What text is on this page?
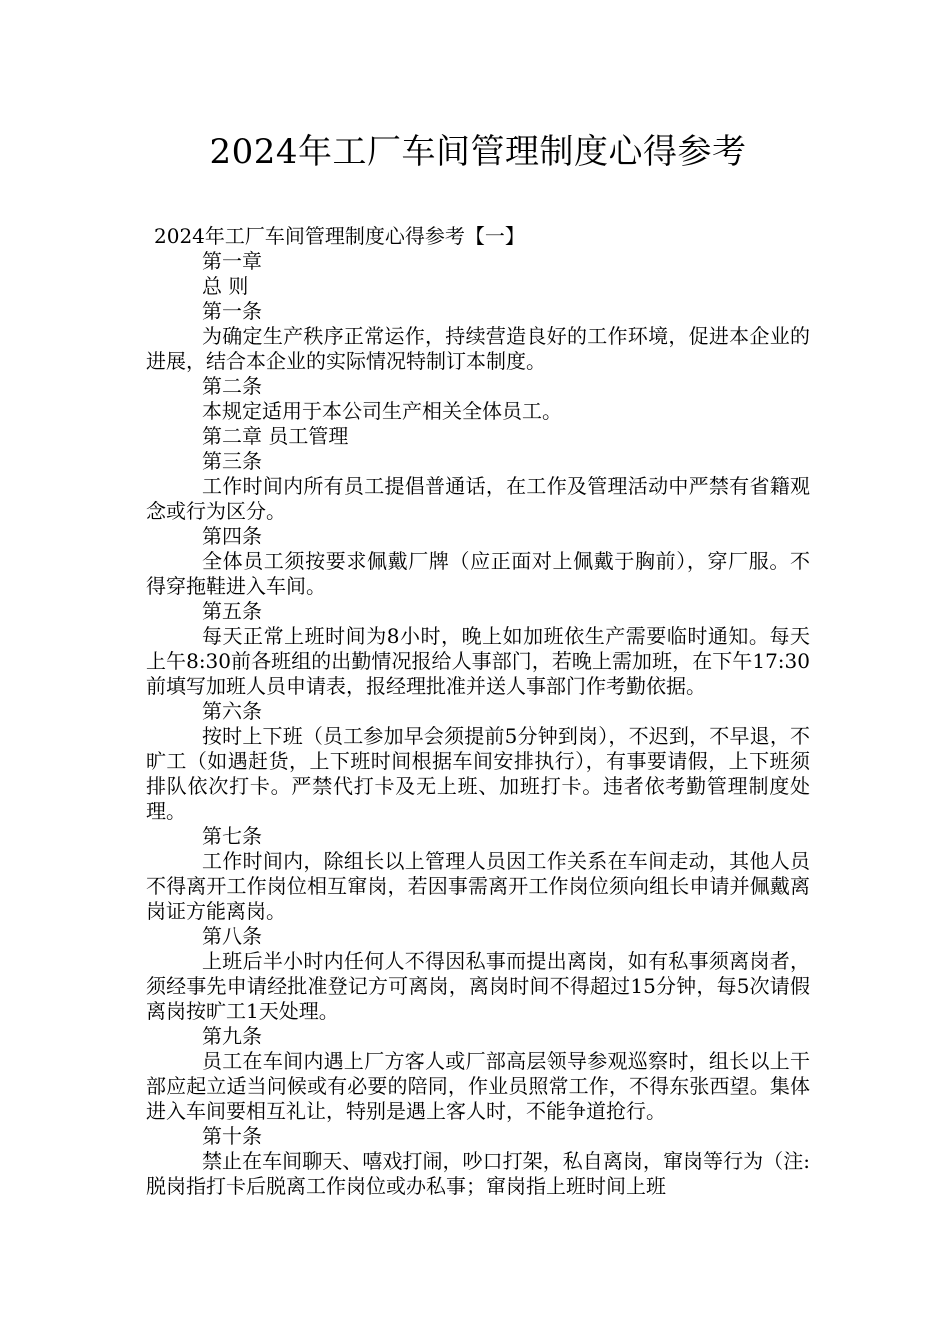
2024年工厂车间管理制度心得参考
2024年工厂车间管理制度心得参考【一】
第一章
总 则
第一条
为确定生产秩序正常运作，持续营造良好的工作环境，促进本企业的进展，结合本企业的实际情况特制订本制度。
第二条
本规定适用于本公司生产相关全体员工。
第二章 员工管理
第三条
工作时间内所有员工提倡普通话，在工作及管理活动中严禁有省籍观念或行为区分。
第四条
全体员工须按要求佩戴厂牌（应正面对上佩戴于胸前），穿厂服。不得穿拖鞋进入车间。
第五条
每天正常上班时间为8小时，晚上如加班依生产需要临时通知。每天上午8:30前各班组的出勤情况报给人事部门，若晚上需加班，在下午17:30前填写加班人员申请表，报经理批准并送人事部门作考勤依据。
第六条
按时上下班（员工参加早会须提前5分钟到岗），不迟到，不早退，不旷工（如遇赶货，上下班时间根据车间安排执行），有事要请假，上下班须排队依次打卡。严禁代打卡及无上班、加班打卡。违者依考勤管理制度处理。
第七条
工作时间内，除组长以上管理人员因工作关系在车间走动，其他人员不得离开工作岗位相互窜岗，若因事需离开工作岗位须向组长申请并佩戴离岗证方能离岗。
第八条
上班后半小时内任何人不得因私事而提出离岗，如有私事须离岗者，须经事先申请经批准登记方可离岗，离岗时间不得超过15分钟，每5次请假离岗按旷工1天处理。
第九条
员工在车间内遇上厂方客人或厂部高层领导参观巡察时，组长以上干部应起立适当问候或有必要的陪同，作业员照常工作，不得东张西望。集体进入车间要相互礼让，特别是遇上客人时，不能争道抢行。
第十条
禁止在车间聊天、嘻戏打闹，吵口打架，私自离岗，窜岗等行为（注:脱岗指打卡后脱离工作岗位或办私事；窜岗指上班时间上班
